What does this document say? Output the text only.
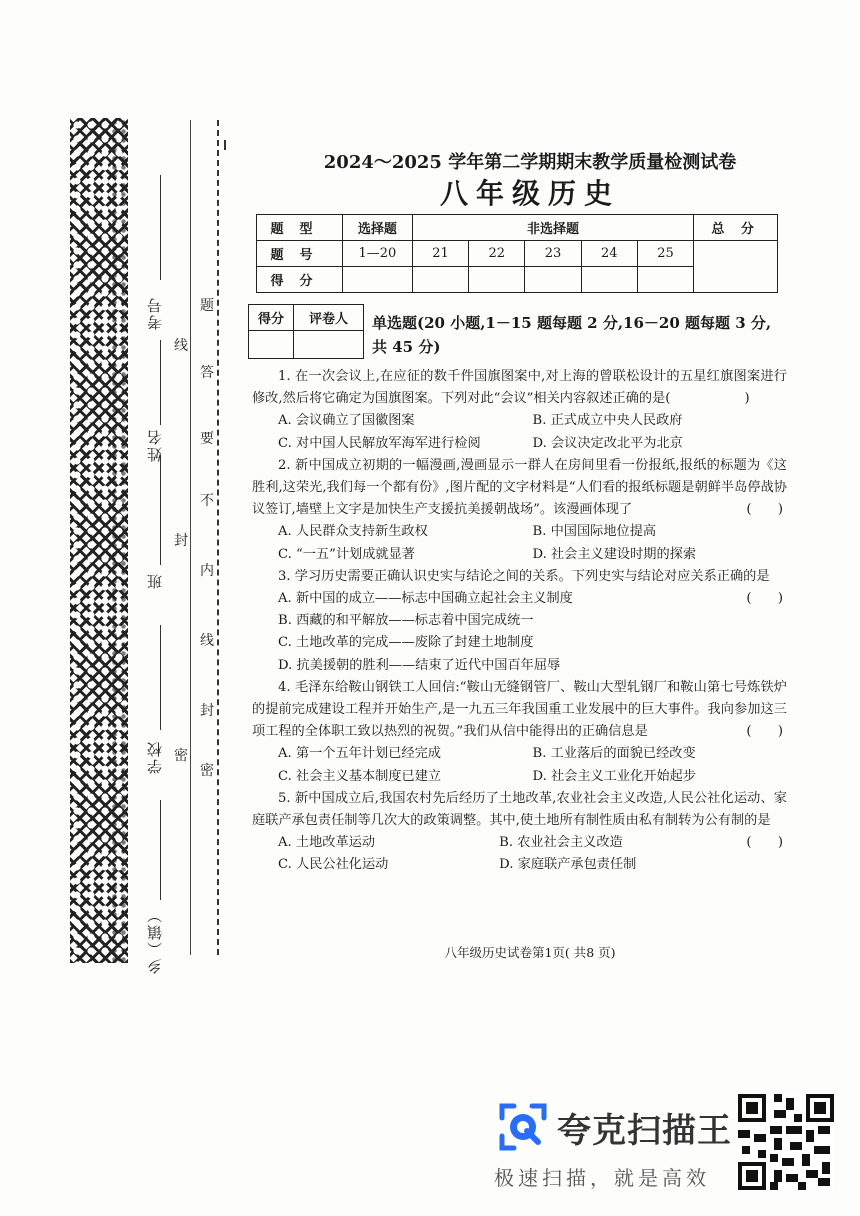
考号
姓名
班
学校
乡（镇）
线
封
密
密
封
线
内
不
要
答
题
2024～2025 学年第二学期期末教学质量检测试卷
八年级历史
题型	选择题	非选择题					总 分
题号	1—20	21	22	23	24	25	
得分							
得分	评卷人
	单选题(20 小题,1－15 题每题 2 分,16－20 题每题 3 分,共 45 分)

1. 在一次会议上,在应征的数千件国旗图案中,对上海的曾联松设计的五星红旗图案进行修改,然后将它确定为国旗图案。下列对此“会议”相关内容叙述正确的是(	)

A. 会议确立了国徽图案	B. 正式成立中央人民政府
C. 对中国人民解放军海军进行检阅	D. 会议决定改北平为北京

2. 新中国成立初期的一幅漫画,漫画显示一群人在房间里看一份报纸,报纸的标题为《这胜利,这荣光,我们每一个都有份》,图片配的文字材料是“人们看的报纸标题是朝鲜半岛停战协议签订,墙壁上文字是加快生产支援抗美援朝战场”。该漫画体现了	(　　)

A. 人民群众支持新生政权	B. 中国国际地位提高
C. “一五”计划成就显著	D. 社会主义建设时期的探索

3. 学习历史需要正确认识史实与结论之间的关系。下列史实与结论对应关系正确的是
(　　)

A. 新中国的成立——标志中国确立起社会主义制度
B. 西藏的和平解放——标志着中国完成统一
C. 土地改革的完成——废除了封建土地制度
D. 抗美援朝的胜利——结束了近代中国百年屈辱

4. 毛泽东给鞍山钢铁工人回信:“鞍山无缝钢管厂、鞍山大型轧钢厂和鞍山第七号炼铁炉的提前完成建设工程并开始生产,是一九五三年我国重工业发展中的巨大事件。我向参加这三项工程的全体职工致以热烈的祝贺。”我们从信中能得出的正确信息是	(　　)

A. 第一个五年计划已经完成	B. 工业落后的面貌已经改变
C. 社会主义基本制度已建立	D. 社会主义工业化开始起步

5. 新中国成立后,我国农村先后经历了土地改革,农业社会主义改造,人民公社化运动、家庭联产承包责任制等几次大的政策调整。其中,使土地所有制性质由私有制转为公有制的是
(　　)

A. 土地改革运动	B. 农业社会主义改造
C. 人民公社化运动	D. 家庭联产承包责任制
八年级历史试卷第1页( 共8 页)
夸克扫描王
极速扫描，就是高效
